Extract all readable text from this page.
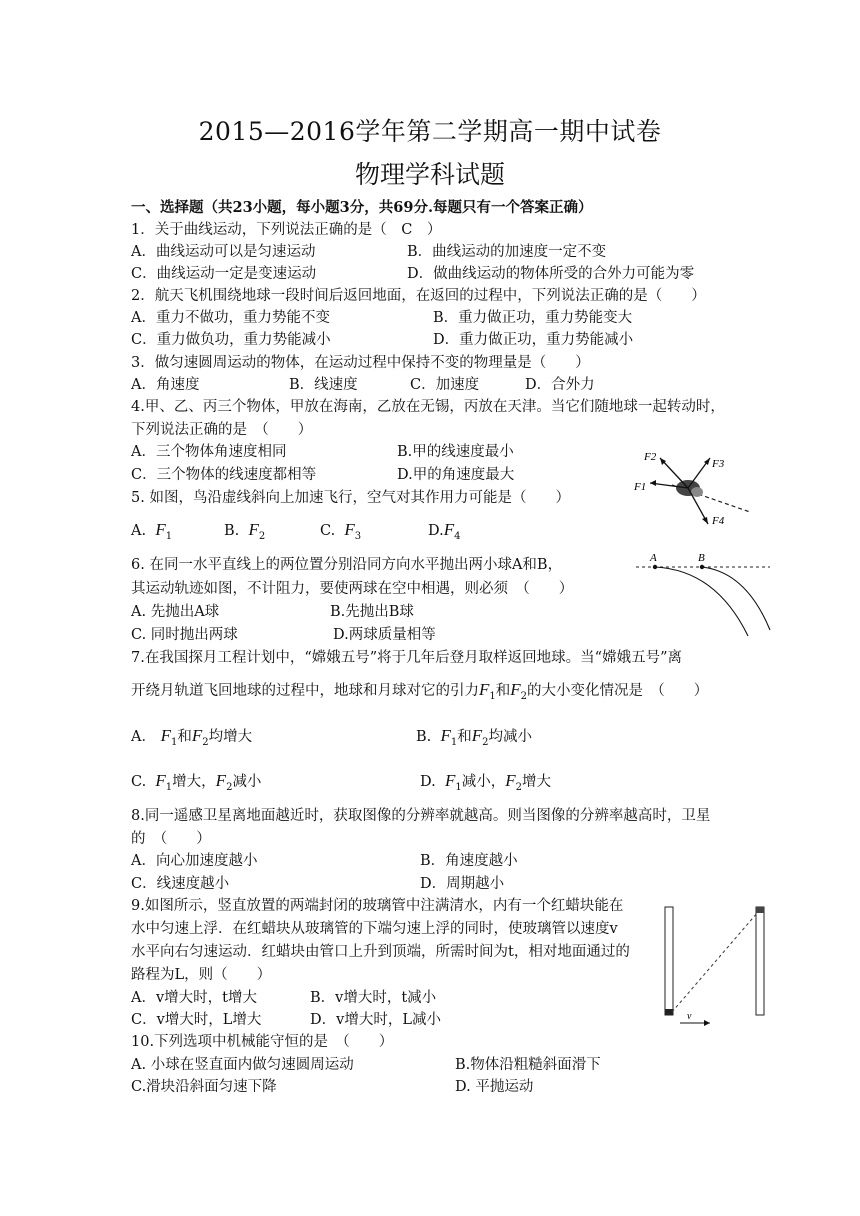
2015—2016学年第二学期高一期中试卷
物理学科试题
一、选择题（共23小题，每小题3分，共69分.每题只有一个答案正确）
1．关于曲线运动，下列说法正确的是（　C　）
A．曲线运动可以是匀速运动	B．曲线运动的加速度一定不变
C．曲线运动一定是变速运动	D．做曲线运动的物体所受的合外力可能为零
2．航天飞机围绕地球一段时间后返回地面，在返回的过程中，下列说法正确的是（　　）
A．重力不做功，重力势能不变	B．重力做正功，重力势能变大
C．重力做负功，重力势能减小	D．重力做正功，重力势能减小
3．做匀速圆周运动的物体，在运动过程中保持不变的物理量是（　　）
A．角速度	B．线速度	C．加速度	D．合外力
4.甲、乙、丙三个物体，甲放在海南，乙放在无锡，丙放在天津。当它们随地球一起转动时，
下列说法正确的是　（　　）
A．三个物体角速度相同	B.甲的线速度最小
C．三个物体的线速度都相等	D.甲的角速度最大
5. 如图，鸟沿虚线斜向上加速飞行，空气对其作用力可能是（　　）
A. $F_1$	B. $F_2$	C. $F_3$	$D.F_4$
F2
F3
F1
F4
6. 在同一水平直线上的两位置分别沿同方向水平抛出两小球A和B，
其运动轨迹如图，不计阻力，要使两球在空中相遇，则必须　（　　）
A. 先抛出A球	B.先抛出B球
C. 同时抛出两球	D.两球质量相等
A	B
7.在我国探月工程计划中，“嫦娥五号”将于几年后登月取样返回地球。当“嫦娥五号”离
开绕月轨道飞回地球的过程中，地球和月球对它的引力$F_1$和$F_2$的大小变化情况是　（　　）
A． $F_1$和$F_2$均增大	B. $F_1$和$F_2$均减小
C. $F_1$增大，$F_2$减小	D. $F_1$减小，$F_2$增大
8.同一遥感卫星离地面越近时，获取图像的分辨率就越高。则当图像的分辨率越高时，卫星
的　（　　）
A．向心加速度越小	B．角速度越小
C．线速度越小	D．周期越小
9.如图所示，竖直放置的两端封闭的玻璃管中注满清水，内有一个红蜡块能在
水中匀速上浮．在红蜡块从玻璃管的下端匀速上浮的同时，使玻璃管以速度v
水平向右匀速运动．红蜡块由管口上升到顶端，所需时间为t，相对地面通过的
路程为L，则（　　）
A．v增大时，t增大	B．v增大时，t减小
C．v增大时，L增大	D．v增大时，L减小	v
10.下列选项中机械能守恒的是　（　　）
A. 小球在竖直面内做匀速圆周运动	B.物体沿粗糙斜面滑下
C.滑块沿斜面匀速下降	D. 平抛运动
